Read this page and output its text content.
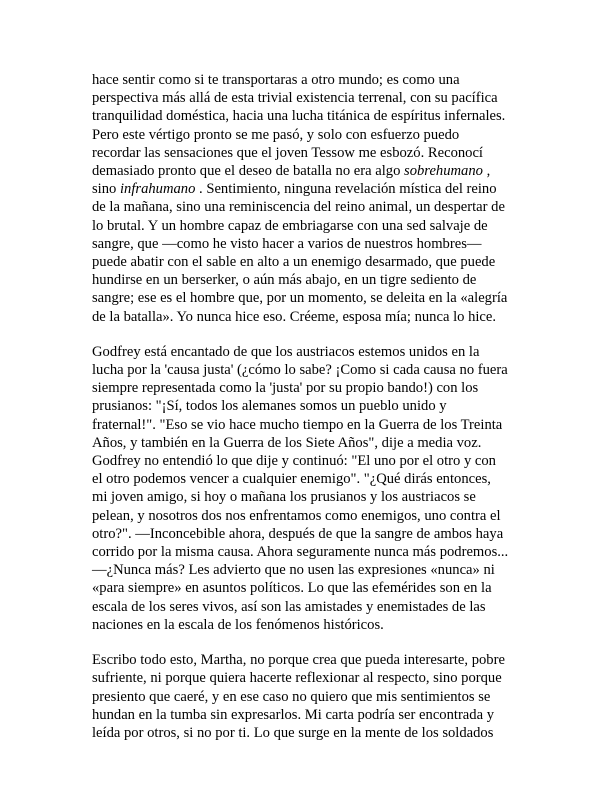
hace sentir como si te transportaras a otro mundo; es como una
perspectiva más allá de esta trivial existencia terrenal, con su pacífica
tranquilidad doméstica, hacia una lucha titánica de espíritus infernales.
Pero este vértigo pronto se me pasó, y solo con esfuerzo puedo
recordar las sensaciones que el joven Tessow me esbozó. Reconocí
demasiado pronto que el deseo de batalla no era algo sobrehumano ,
sino infrahumano . Sentimiento, ninguna revelación mística del reino
de la mañana, sino una reminiscencia del reino animal, un despertar de
lo brutal. Y un hombre capaz de embriagarse con una sed salvaje de
sangre, que —como he visto hacer a varios de nuestros hombres—
puede abatir con el sable en alto a un enemigo desarmado, que puede
hundirse en un berserker, o aún más abajo, en un tigre sediento de
sangre; ese es el hombre que, por un momento, se deleita en la «alegría
de la batalla». Yo nunca hice eso. Créeme, esposa mía; nunca lo hice.

Godfrey está encantado de que los austriacos estemos unidos en la
lucha por la 'causa justa' (¿cómo lo sabe? ¡Como si cada causa no fuera
siempre representada como la 'justa' por su propio bando!) con los
prusianos: "¡Sí, todos los alemanes somos un pueblo unido y
fraternal!". "Eso se vio hace mucho tiempo en la Guerra de los Treinta
Años, y también en la Guerra de los Siete Años", dije a media voz.
Godfrey no entendió lo que dije y continuó: "El uno por el otro y con
el otro podemos vencer a cualquier enemigo". "¿Qué dirás entonces,
mi joven amigo, si hoy o mañana los prusianos y los austriacos se
pelean, y nosotros dos nos enfrentamos como enemigos, uno contra el
otro?". —Inconcebible ahora, después de que la sangre de ambos haya
corrido por la misma causa. Ahora seguramente nunca más podremos...
—¿Nunca más? Les advierto que no usen las expresiones «nunca» ni
«para siempre» en asuntos políticos. Lo que las efemérides son en la
escala de los seres vivos, así son las amistades y enemistades de las
naciones en la escala de los fenómenos históricos.

Escribo todo esto, Martha, no porque crea que pueda interesarte, pobre
sufriente, ni porque quiera hacerte reflexionar al respecto, sino porque
presiento que caeré, y en ese caso no quiero que mis sentimientos se
hundan en la tumba sin expresarlos. Mi carta podría ser encontrada y
leída por otros, si no por ti. Lo que surge en la mente de los soldados
